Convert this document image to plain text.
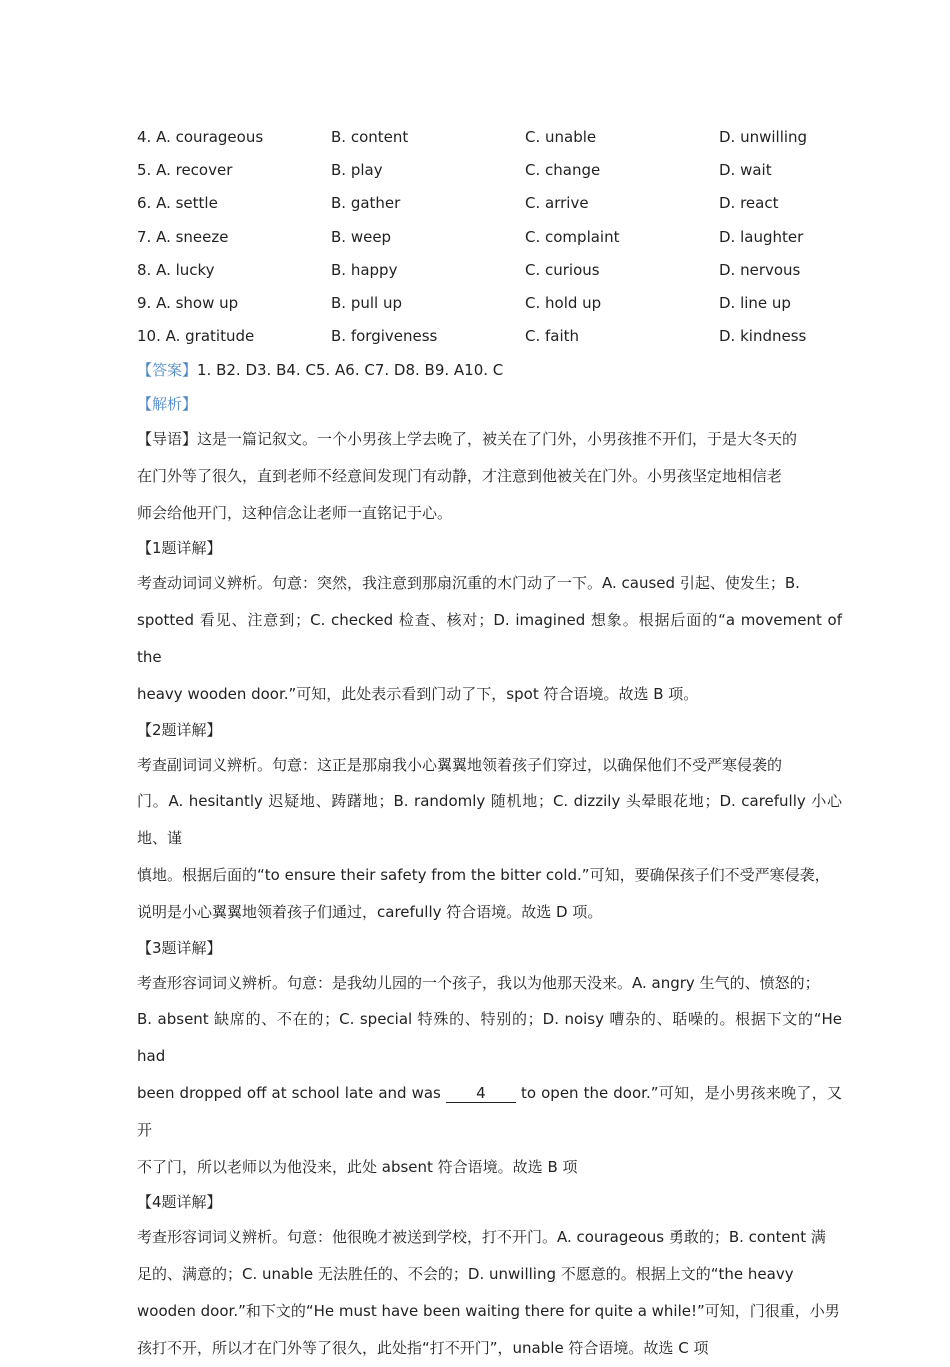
4. A. courageous	B. content	C. unable	D. unwilling
5. A. recover	B. play	C. change	D. wait
6. A. settle	B. gather	C. arrive	D. react
7. A. sneeze	B. weep	C. complaint	D. laughter
8. A. lucky	B. happy	C. curious	D. nervous
9. A. show up	B. pull up	C. hold up	D. line up
10. A. gratitude	B. forgiveness	C. faith	D. kindness
【答案】1. B2. D3. B4. C5. A6. C7. D8. B9. A10. C
【解析】
【导语】这是一篇记叙文。一个小男孩上学去晚了，被关在了门外，小男孩推不开们，于是大冬天的
在门外等了很久，直到老师不经意间发现门有动静，才注意到他被关在门外。小男孩坚定地相信老
师会给他开门，这种信念让老师一直铭记于心。
【1题详解】
考查动词词义辨析。句意：突然，我注意到那扇沉重的木门动了一下。A. caused 引起、使发生；B.
spotted 看见、注意到；C. checked 检查、核对；D. imagined 想象。根据后面的“a movement of the
heavy wooden door.”可知，此处表示看到门动了下，spot 符合语境。故选 B 项。
【2题详解】
考查副词词义辨析。句意：这正是那扇我小心翼翼地领着孩子们穿过，以确保他们不受严寒侵袭的
门。A. hesitantly 迟疑地、踌躇地；B. randomly 随机地；C. dizzily 头晕眼花地；D. carefully 小心地、谨
慎地。根据后面的“to ensure their safety from the bitter cold.”可知，要确保孩子们不受严寒侵袭，
说明是小心翼翼地领着孩子们通过，carefully 符合语境。故选 D 项。
【3题详解】
考查形容词词义辨析。句意：是我幼儿园的一个孩子，我以为他那天没来。A. angry 生气的、愤怒的；
B. absent 缺席的、不在的；C. special 特殊的、特别的；D. noisy 嘈杂的、聒噪的。根据下文的“He had
been dropped off at school late and was 4 to open the door.”可知，是小男孩来晚了，又开
不了门，所以老师以为他没来，此处 absent 符合语境。故选 B 项
【4题详解】
考查形容词词义辨析。句意：他很晚才被送到学校，打不开门。A. courageous 勇敢的；B. content 满
足的、满意的；C. unable 无法胜任的、不会的；D. unwilling 不愿意的。根据上文的“the heavy
wooden door.”和下文的“He must have been waiting there for quite a while!”可知，门很重，小男
孩打不开，所以才在门外等了很久，此处指“打不开门”，unable 符合语境。故选 C 项
